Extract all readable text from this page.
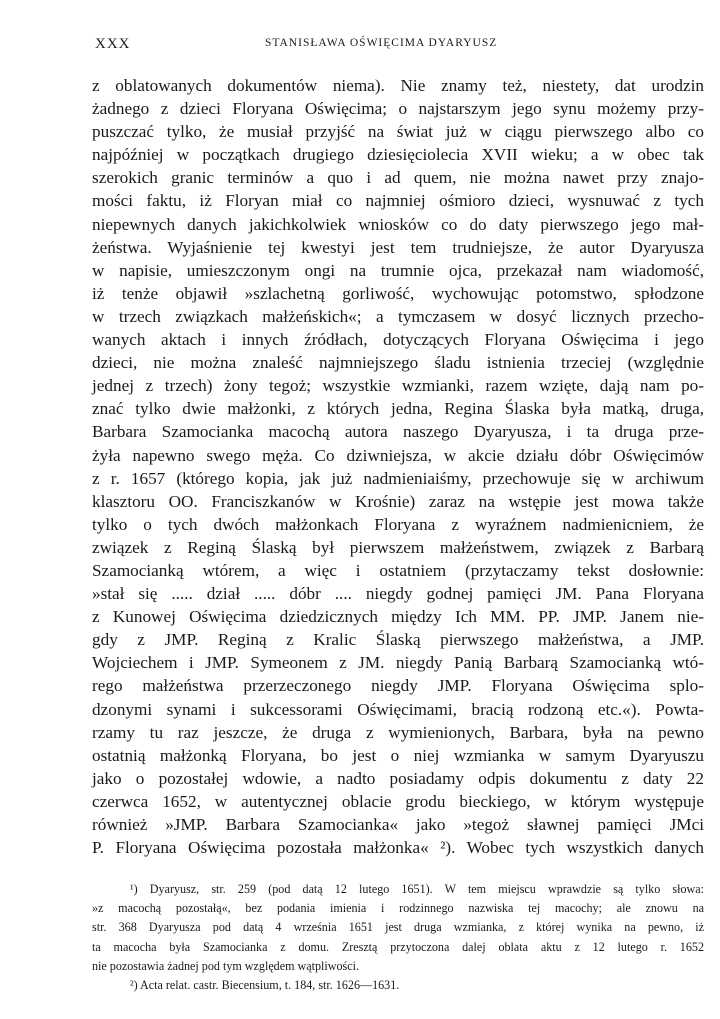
XXX	STANISŁAWA OŚWIĘCIMA DYARYUSZ
z oblatowanych dokumentów niema). Nie znamy też, niestety, dat urodzin
żadnego z dzieci Floryana Oświęcima; o najstarszym jego synu możemy przy-
puszczać tylko, że musiał przyjść na świat już w ciągu pierwszego albo co
najpóźniej w początkach drugiego dziesięciolecia XVII wieku; a w obec tak
szerokich granic terminów a quo i ad quem, nie można nawet przy znajo-
mości faktu, iż Floryan miał co najmniej ośmioro dzieci, wysnuwać z tych
niepewnych danych jakichkolwiek wniosków co do daty pierwszego jego mał-
żeństwa. Wyjaśnienie tej kwestyi jest tem trudniejsze, że autor Dyaryusza
w napisie, umieszczonym ongi na trumnie ojca, przekazał nam wiadomość,
iż tenże objawił »szlachetną gorliwość, wychowując potomstwo, spłodzone
w trzech związkach małżeńskich«; a tymczasem w dosyć licznych przecho-
wanych aktach i innych źródłach, dotyczących Floryana Oświęcima i jego
dzieci, nie można znaleść najmniejszego śladu istnienia trzeciej (względnie
jednej z trzech) żony tegoż; wszystkie wzmianki, razem wzięte, dają nam po-
znać tylko dwie małżonki, z których jedna, Regina Ślaska była matką, druga,
Barbara Szamocianka macochą autora naszego Dyaryusza, i ta druga prze-
żyła napewno swego męża. Co dziwniejsza, w akcie działu dóbr Oświęcimów
z r. 1657 (którego kopia, jak już nadmieniaiśmy, przechowuje się w archiwum
klasztoru OO. Franciszkanów w Krośnie) zaraz na wstępie jest mowa także
tylko o tych dwóch małżonkach Floryana z wyraźnem nadmienicniem, że
związek z Reginą Ślaską był pierwszem małżeństwem, związek z Barbarą
Szamocianką wtórem, a więc i ostatniem (przytaczamy tekst dosłownie:
»stał się ..... dział ..... dóbr .... niegdy godnej pamięci JM. Pana Floryana
z Kunowej Oświęcima dziedzicznych między Ich MM. PP. JMP. Janem nie-
gdy z JMP. Reginą z Kralic Ślaską pierwszego małżeństwa, a JMP.
Wojciechem i JMP. Symeonem z JM. niegdy Panią Barbarą Szamocianką wtó-
rego małżeństwa przerzeczonego niegdy JMP. Floryana Oświęcima splo-
dzonymi synami i sukcessorami Oświęcimami, bracią rodzoną etc.«). Powta-
rzamy tu raz jeszcze, że druga z wymienionych, Barbara, była na pewno
ostatnią małżonką Floryana, bo jest o niej wzmianka w samym Dyaryuszu
jako o pozostałej wdowie, a nadto posiadamy odpis dokumentu z daty 22
czerwca 1652, w autentycznej oblacie grodu bieckiego, w którym występuje
również »JMP. Barbara Szamocianka« jako »tegoż sławnej pamięci JMci
P. Floryana Oświęcima pozostała małżonka« ²). Wobec tych wszystkich danych
¹) Dyaryusz, str. 259 (pod datą 12 lutego 1651). W tem miejscu wprawdzie są tylko słowa:
»z macochą pozostałą«, bez podania imienia i rodzinnego nazwiska tej macochy; ale znowu na
str. 368 Dyaryusza pod datą 4 września 1651 jest druga wzmianka, z której wynika na pewno, iż
ta macocha była Szamocianka z domu. Zresztą przytoczona dalej oblata aktu z 12 lutego r. 1652
nie pozostawia żadnej pod tym względem wątpliwości.
²) Acta relat. castr. Biecensium, t. 184, str. 1626—1631.
